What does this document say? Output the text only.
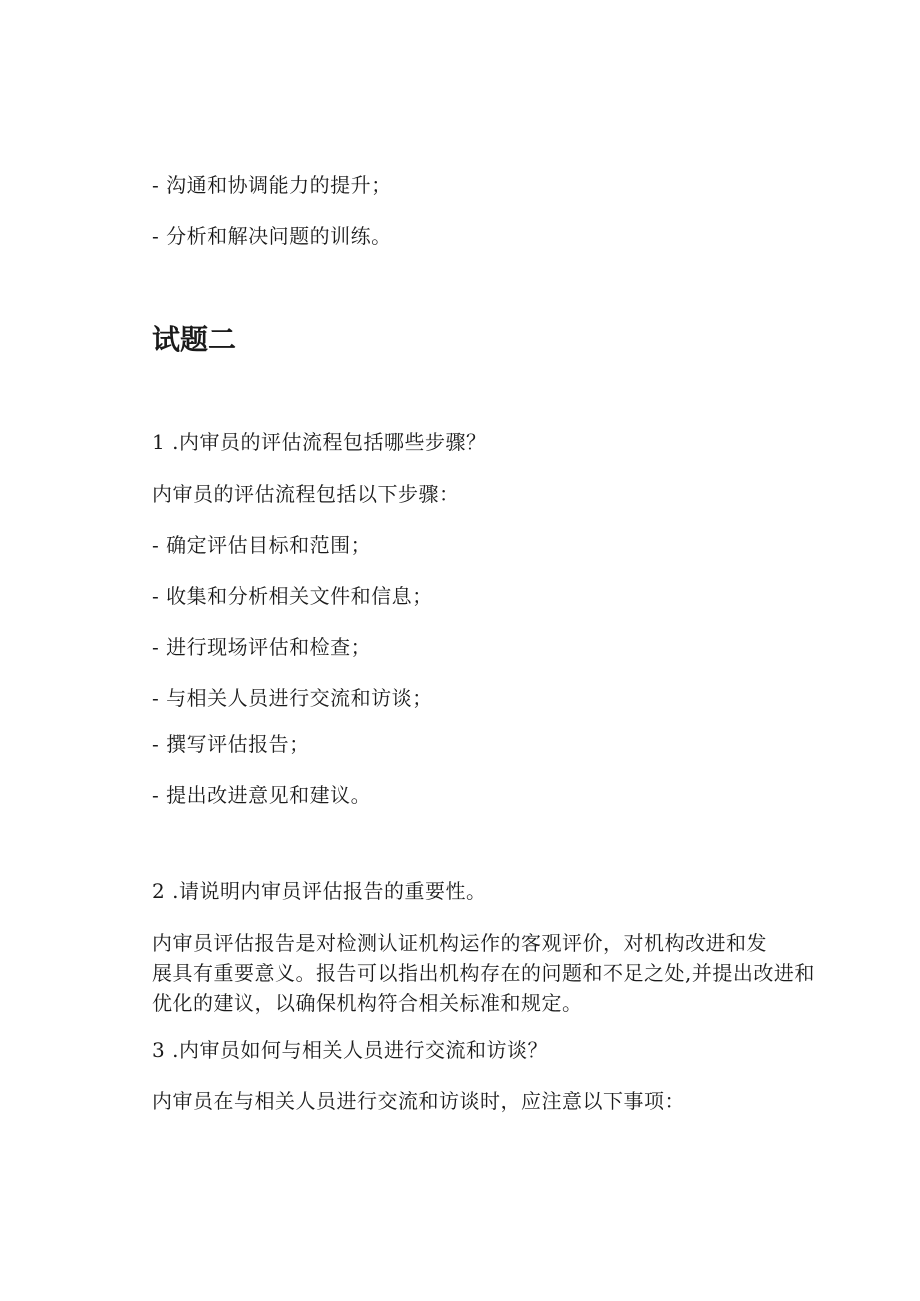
- 沟通和协调能力的提升；
- 分析和解决问题的训练。
试题二
1 .内审员的评估流程包括哪些步骤？
内审员的评估流程包括以下步骤：
- 确定评估目标和范围；
- 收集和分析相关文件和信息；
- 进行现场评估和检查；
- 与相关人员进行交流和访谈；
- 撰写评估报告；
- 提出改进意见和建议。
2 .请说明内审员评估报告的重要性。
内审员评估报告是对检测认证机构运作的客观评价，对机构改进和发
展具有重要意义。报告可以指出机构存在的问题和不足之处,并提出改进和
优化的建议，以确保机构符合相关标准和规定。
3 .内审员如何与相关人员进行交流和访谈？
内审员在与相关人员进行交流和访谈时，应注意以下事项：
